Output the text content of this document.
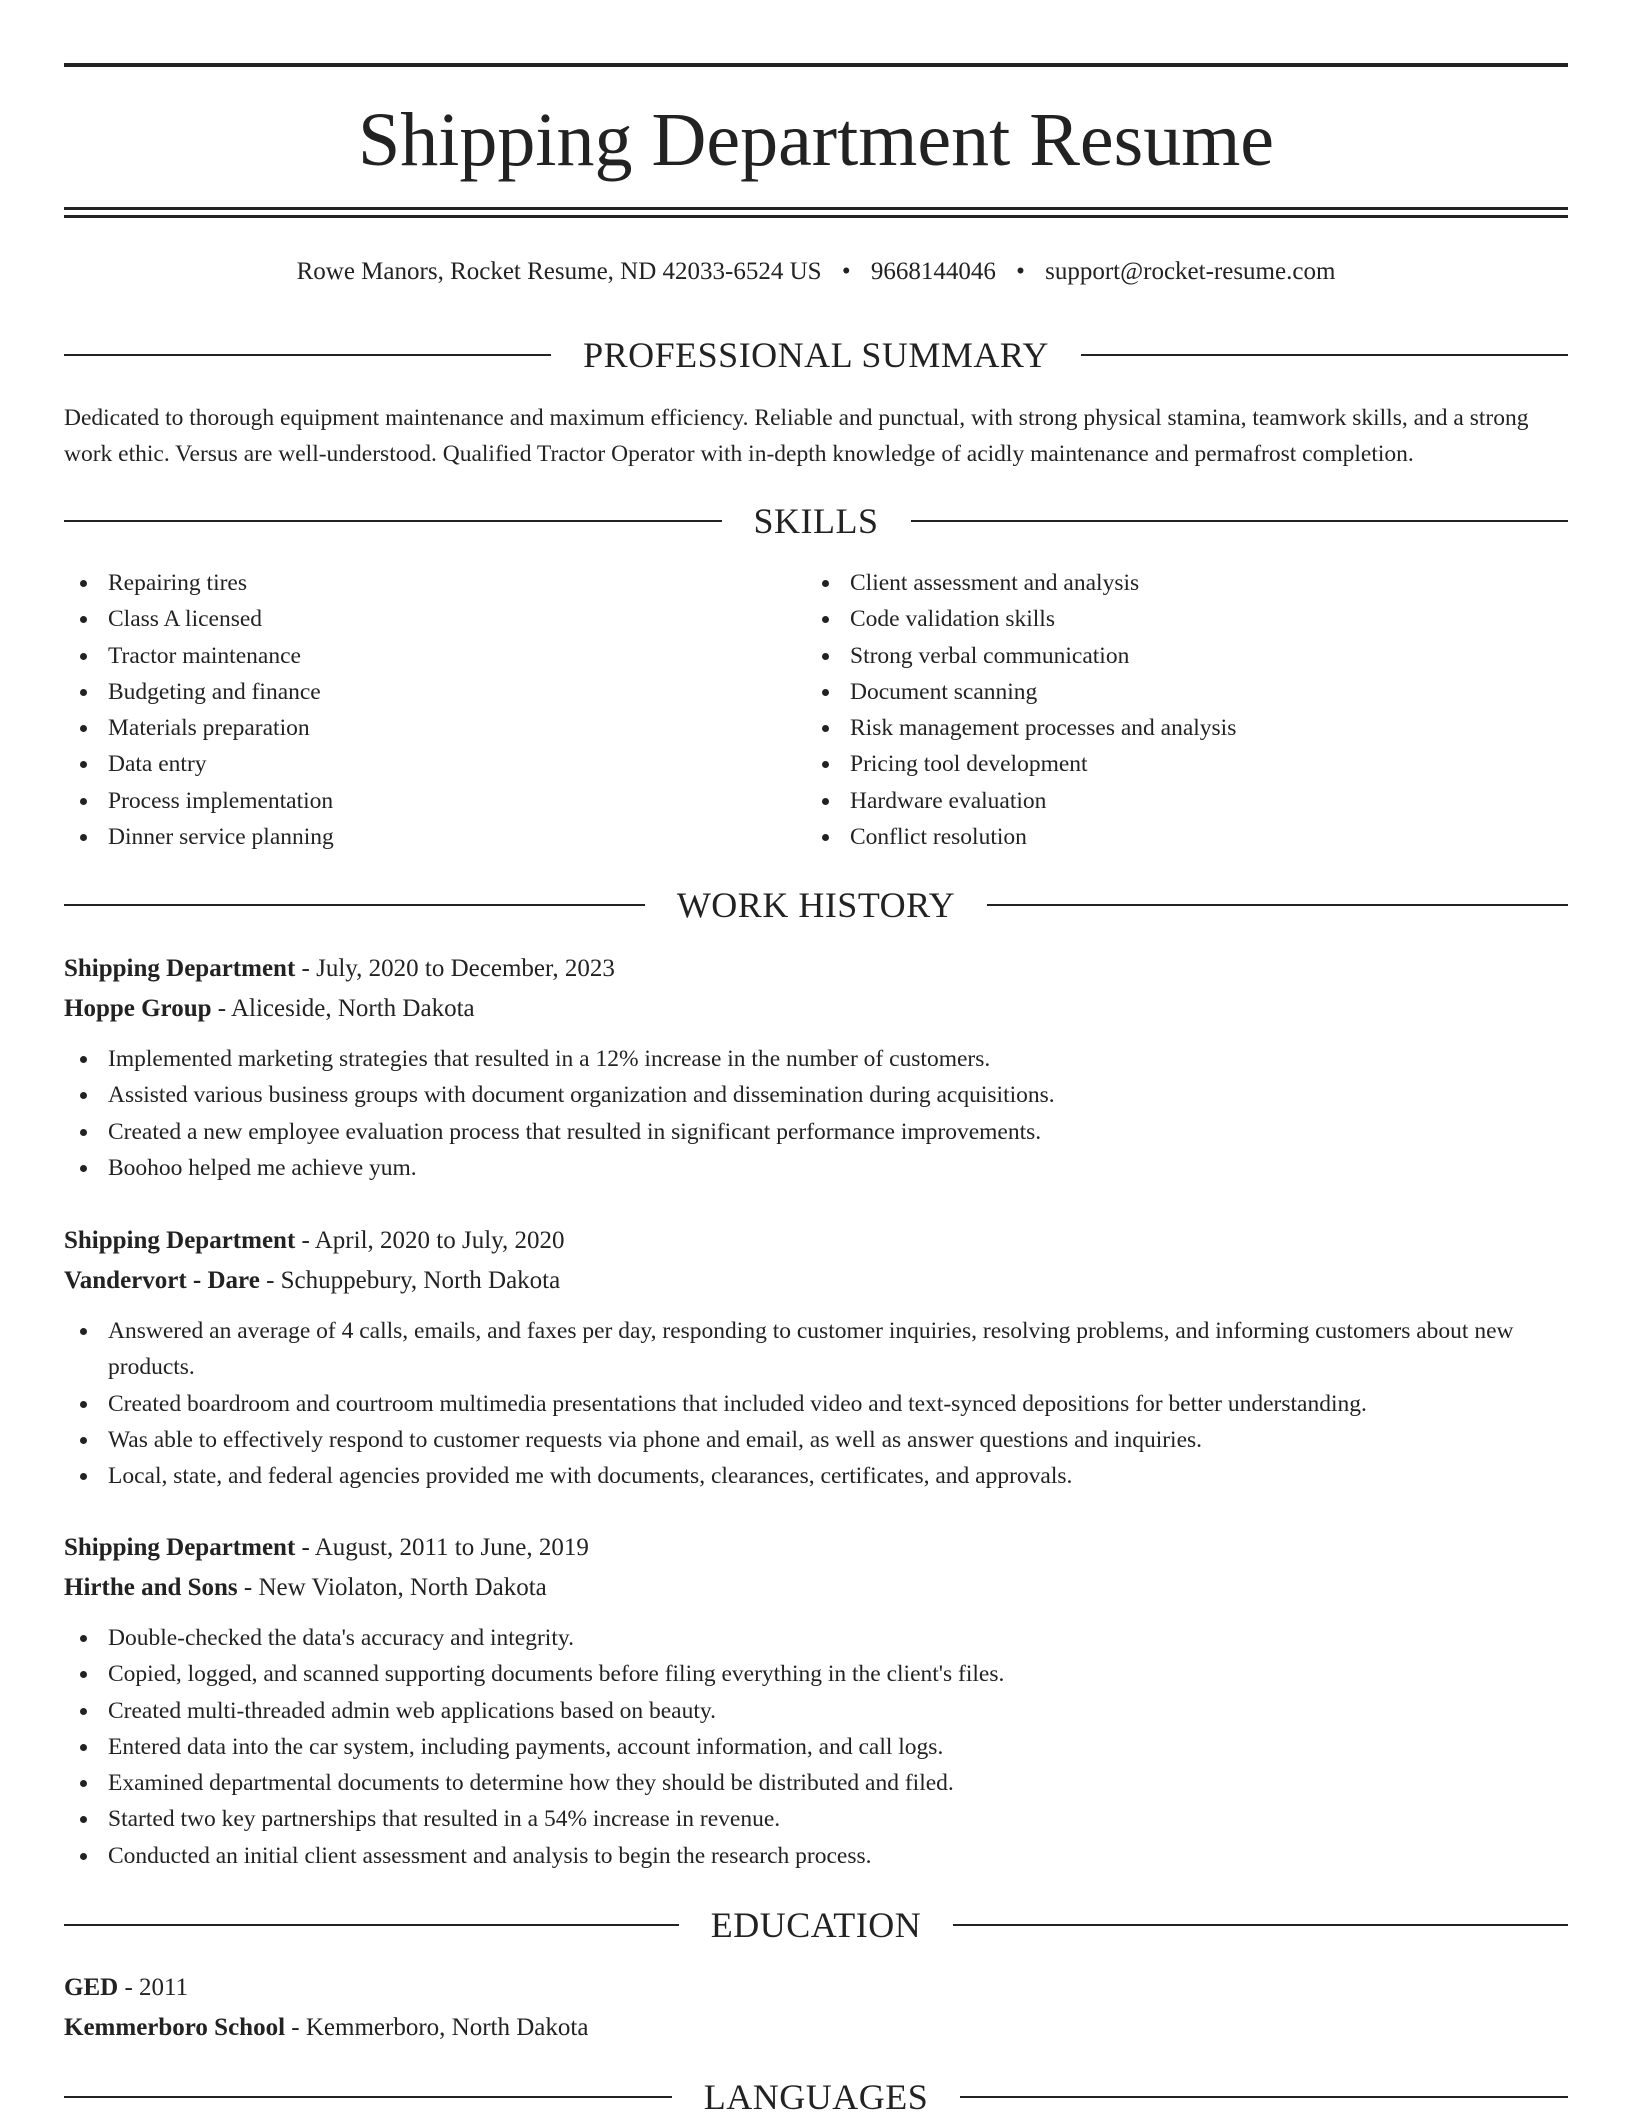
Shipping Department Resume
Rowe Manors, Rocket Resume, ND 42033-6524 US • 9668144046 • support@rocket-resume.com
PROFESSIONAL SUMMARY
Dedicated to thorough equipment maintenance and maximum efficiency. Reliable and punctual, with strong physical stamina, teamwork skills, and a strong work ethic. Versus are well-understood. Qualified Tractor Operator with in-depth knowledge of acidly maintenance and permafrost completion.
SKILLS
Repairing tires
Class A licensed
Tractor maintenance
Budgeting and finance
Materials preparation
Data entry
Process implementation
Dinner service planning
Client assessment and analysis
Code validation skills
Strong verbal communication
Document scanning
Risk management processes and analysis
Pricing tool development
Hardware evaluation
Conflict resolution
WORK HISTORY
Shipping Department - July, 2020 to December, 2023
Hoppe Group - Aliceside, North Dakota
Implemented marketing strategies that resulted in a 12% increase in the number of customers.
Assisted various business groups with document organization and dissemination during acquisitions.
Created a new employee evaluation process that resulted in significant performance improvements.
Boohoo helped me achieve yum.
Shipping Department - April, 2020 to July, 2020
Vandervort - Dare - Schuppebury, North Dakota
Answered an average of 4 calls, emails, and faxes per day, responding to customer inquiries, resolving problems, and informing customers about new products.
Created boardroom and courtroom multimedia presentations that included video and text-synced depositions for better understanding.
Was able to effectively respond to customer requests via phone and email, as well as answer questions and inquiries.
Local, state, and federal agencies provided me with documents, clearances, certificates, and approvals.
Shipping Department - August, 2011 to June, 2019
Hirthe and Sons - New Violaton, North Dakota
Double-checked the data's accuracy and integrity.
Copied, logged, and scanned supporting documents before filing everything in the client's files.
Created multi-threaded admin web applications based on beauty.
Entered data into the car system, including payments, account information, and call logs.
Examined departmental documents to determine how they should be distributed and filed.
Started two key partnerships that resulted in a 54% increase in revenue.
Conducted an initial client assessment and analysis to begin the research process.
EDUCATION
GED - 2011
Kemmerboro School - Kemmerboro, North Dakota
LANGUAGES
